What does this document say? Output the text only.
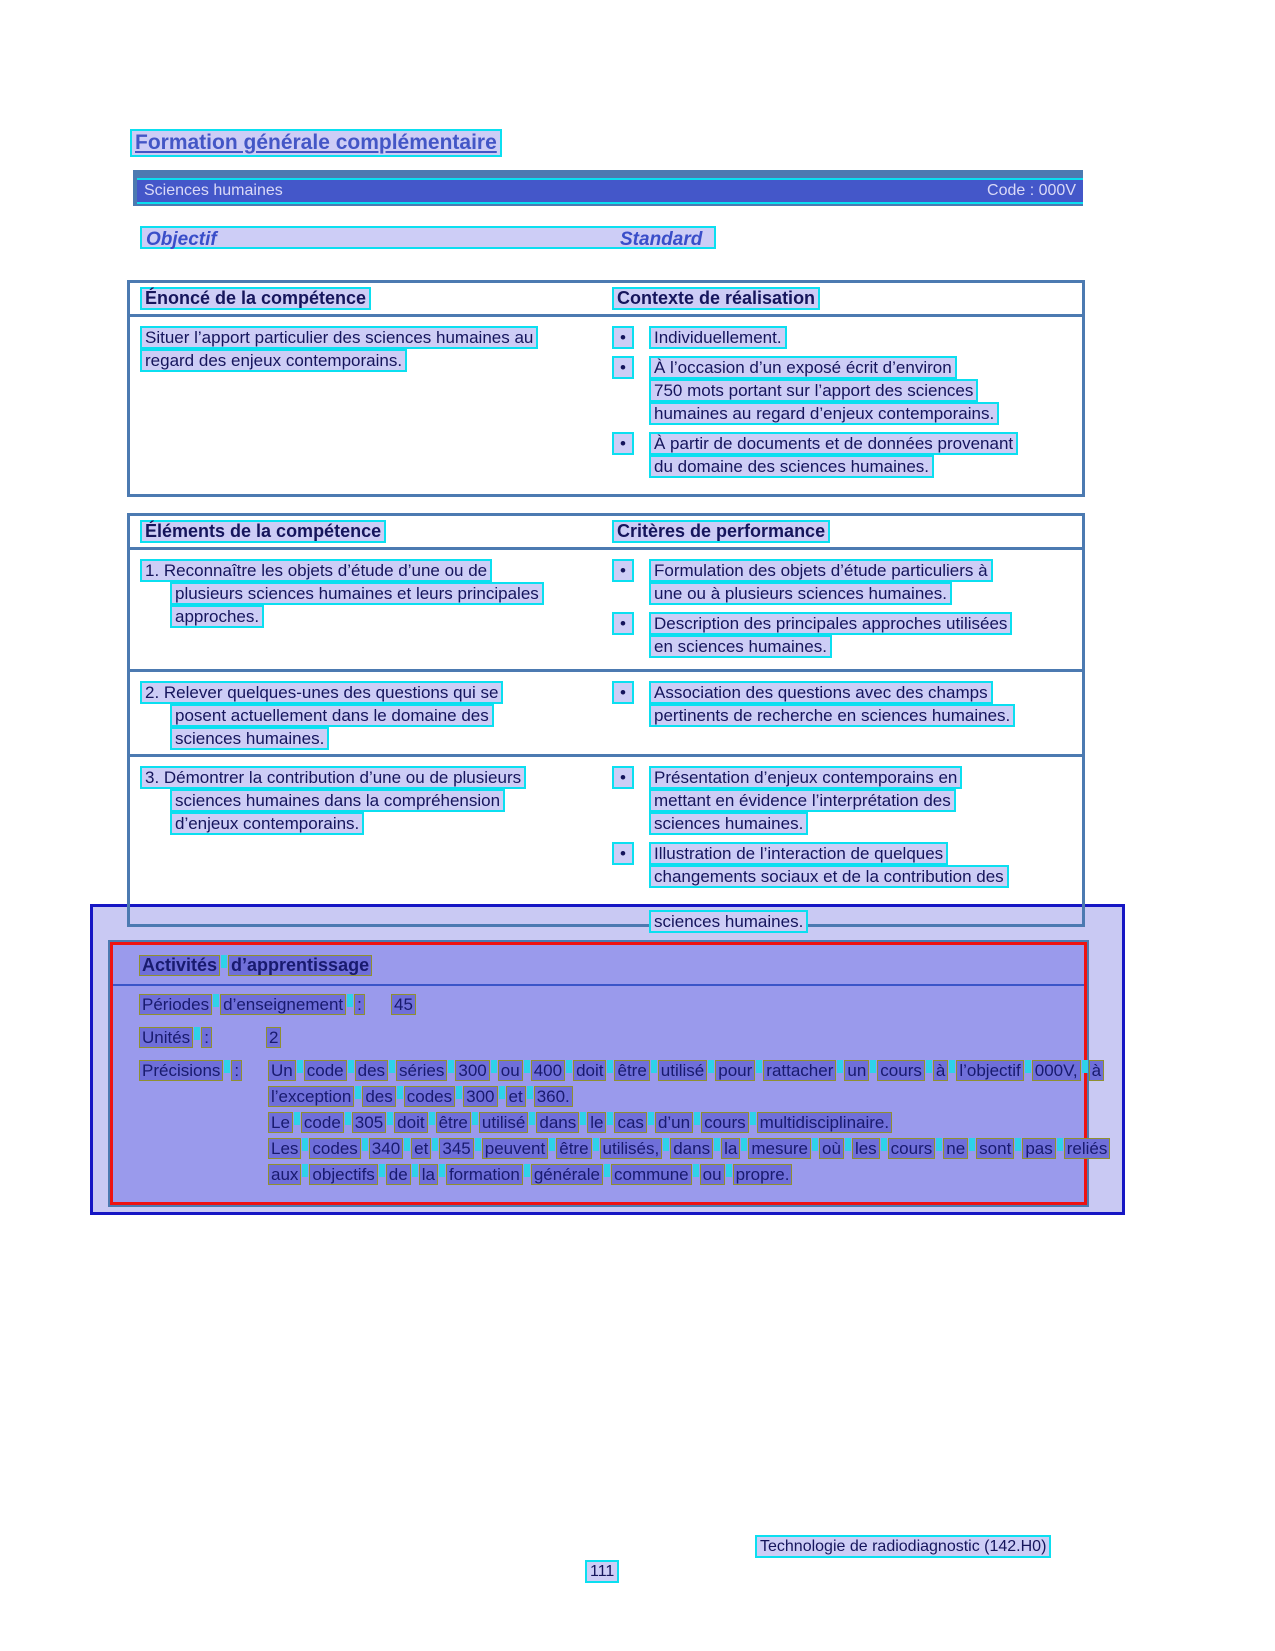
Formation générale complémentaire
Sciences humaines	Code : 000V
Objectif	Standard
Énoncé de la compétence	Contexte de réalisation
Situer l’apport particulier des sciences humaines au
regard des enjeux contemporains.
•	Individuellement.
•	À l’occasion d’un exposé écrit d’environ
750 mots portant sur l’apport des sciences
humaines au regard d’enjeux contemporains.
•	À partir de documents et de données provenant
du domaine des sciences humaines.
Éléments de la compétence	Critères de performance
1. Reconnaître les objets d’étude d’une ou de
plusieurs sciences humaines et leurs principales
approches.
•	Formulation des objets d’étude particuliers à
une ou à plusieurs sciences humaines.
•	Description des principales approches utilisées
en sciences humaines.
2. Relever quelques-unes des questions qui se
posent actuellement dans le domaine des
sciences humaines.
•	Association des questions avec des champs
pertinents de recherche en sciences humaines.
3. Démontrer la contribution d’une ou de plusieurs
sciences humaines dans la compréhension
d’enjeux contemporains.
•	Présentation d’enjeux contemporains en
mettant en évidence l’interprétation des
sciences humaines.
•	Illustration de l’interaction de quelques
changements sociaux et de la contribution des
sciences humaines.
Activités d’apprentissage
Périodes d’enseignement : 45
Unités :	2
Précisions :	Un code des séries 300 ou 400 doit être utilisé pour rattacher un cours à l’objectif 000V, à
l’exception des codes 300 et 360.
Le code 305 doit être utilisé dans le cas d’un cours multidisciplinaire.
Les codes 340 et 345 peuvent être utilisés, dans la mesure où les cours ne sont pas reliés
aux objectifs de la formation générale commune ou propre.
Technologie de radiodiagnostic (142.H0)
111
